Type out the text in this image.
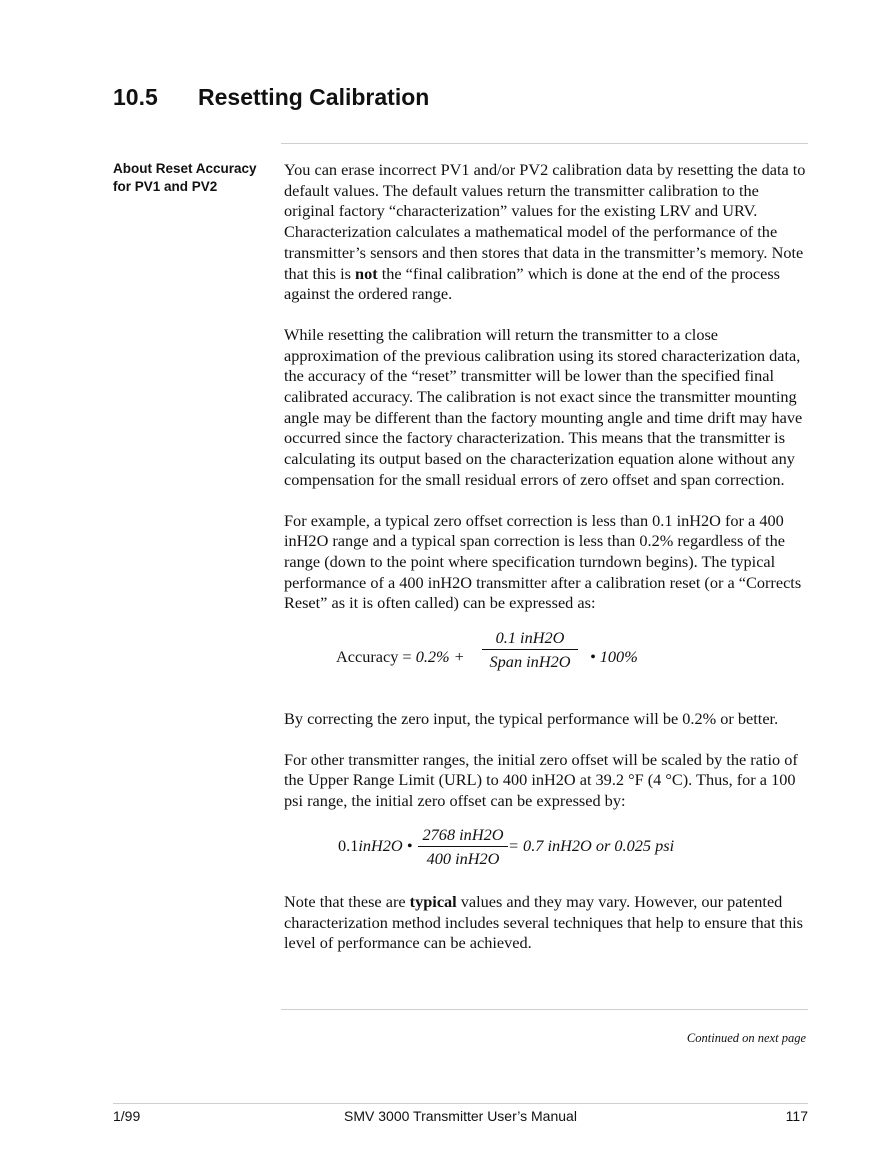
10.5 Resetting Calibration
About Reset Accuracy for PV1 and PV2

You can erase incorrect PV1 and/or PV2 calibration data by resetting the data to default values. The default values return the transmitter calibration to the original factory “characterization” values for the existing LRV and URV. Characterization calculates a mathematical model of the performance of the transmitter’s sensors and then stores that data in the transmitter’s memory. Note that this is not the “final calibration” which is done at the end of the process against the ordered range.

While resetting the calibration will return the transmitter to a close approximation of the previous calibration using its stored characterization data, the accuracy of the “reset” transmitter will be lower than the specified final calibrated accuracy. The calibration is not exact since the transmitter mounting angle may be different than the factory mounting angle and time drift may have occurred since the factory characterization. This means that the transmitter is calculating its output based on the characterization equation alone without any compensation for the small residual errors of zero offset and span correction.

For example, a typical zero offset correction is less than 0.1 inH2O for a 400 inH2O range and a typical span correction is less than 0.2% regardless of the range (down to the point where specification turndown begins). The typical performance of a 400 inH2O transmitter after a calibration reset (or a “Corrects Reset” as it is often called) can be expressed as:

Accuracy = 0.2% +
0.1 inH2O
Span inH2O	• 100%

By correcting the zero input, the typical performance will be 0.2% or better.

For other transmitter ranges, the initial zero offset will be scaled by the ratio of the Upper Range Limit (URL) to 400 inH2O at 39.2 °F (4 °C). Thus, for a 100 psi range, the initial zero offset can be expressed by:

0.1inH2O •
2768 inH2O
400 inH2O
= 0.7 inH2O or 0.025 psi

Note that these are typical values and they may vary. However, our patented characterization method includes several techniques that help to ensure that this level of performance can be achieved.

Continued on next page
1/99	SMV 3000 Transmitter User’s Manual	117
